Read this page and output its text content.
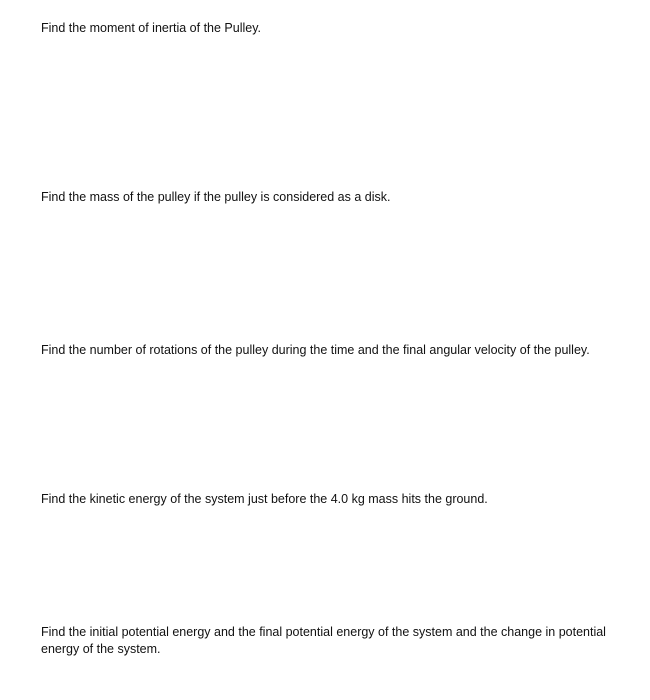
Find the moment of inertia of the Pulley.

Find the mass of the pulley if the pulley is considered as a disk.

Find the number of rotations of the pulley during the time and the final angular velocity of the pulley.

Find the kinetic energy of the system just before the 4.0 kg mass hits the ground.

Find the initial potential energy and the final potential energy of the system and the change in potential energy of the system.
